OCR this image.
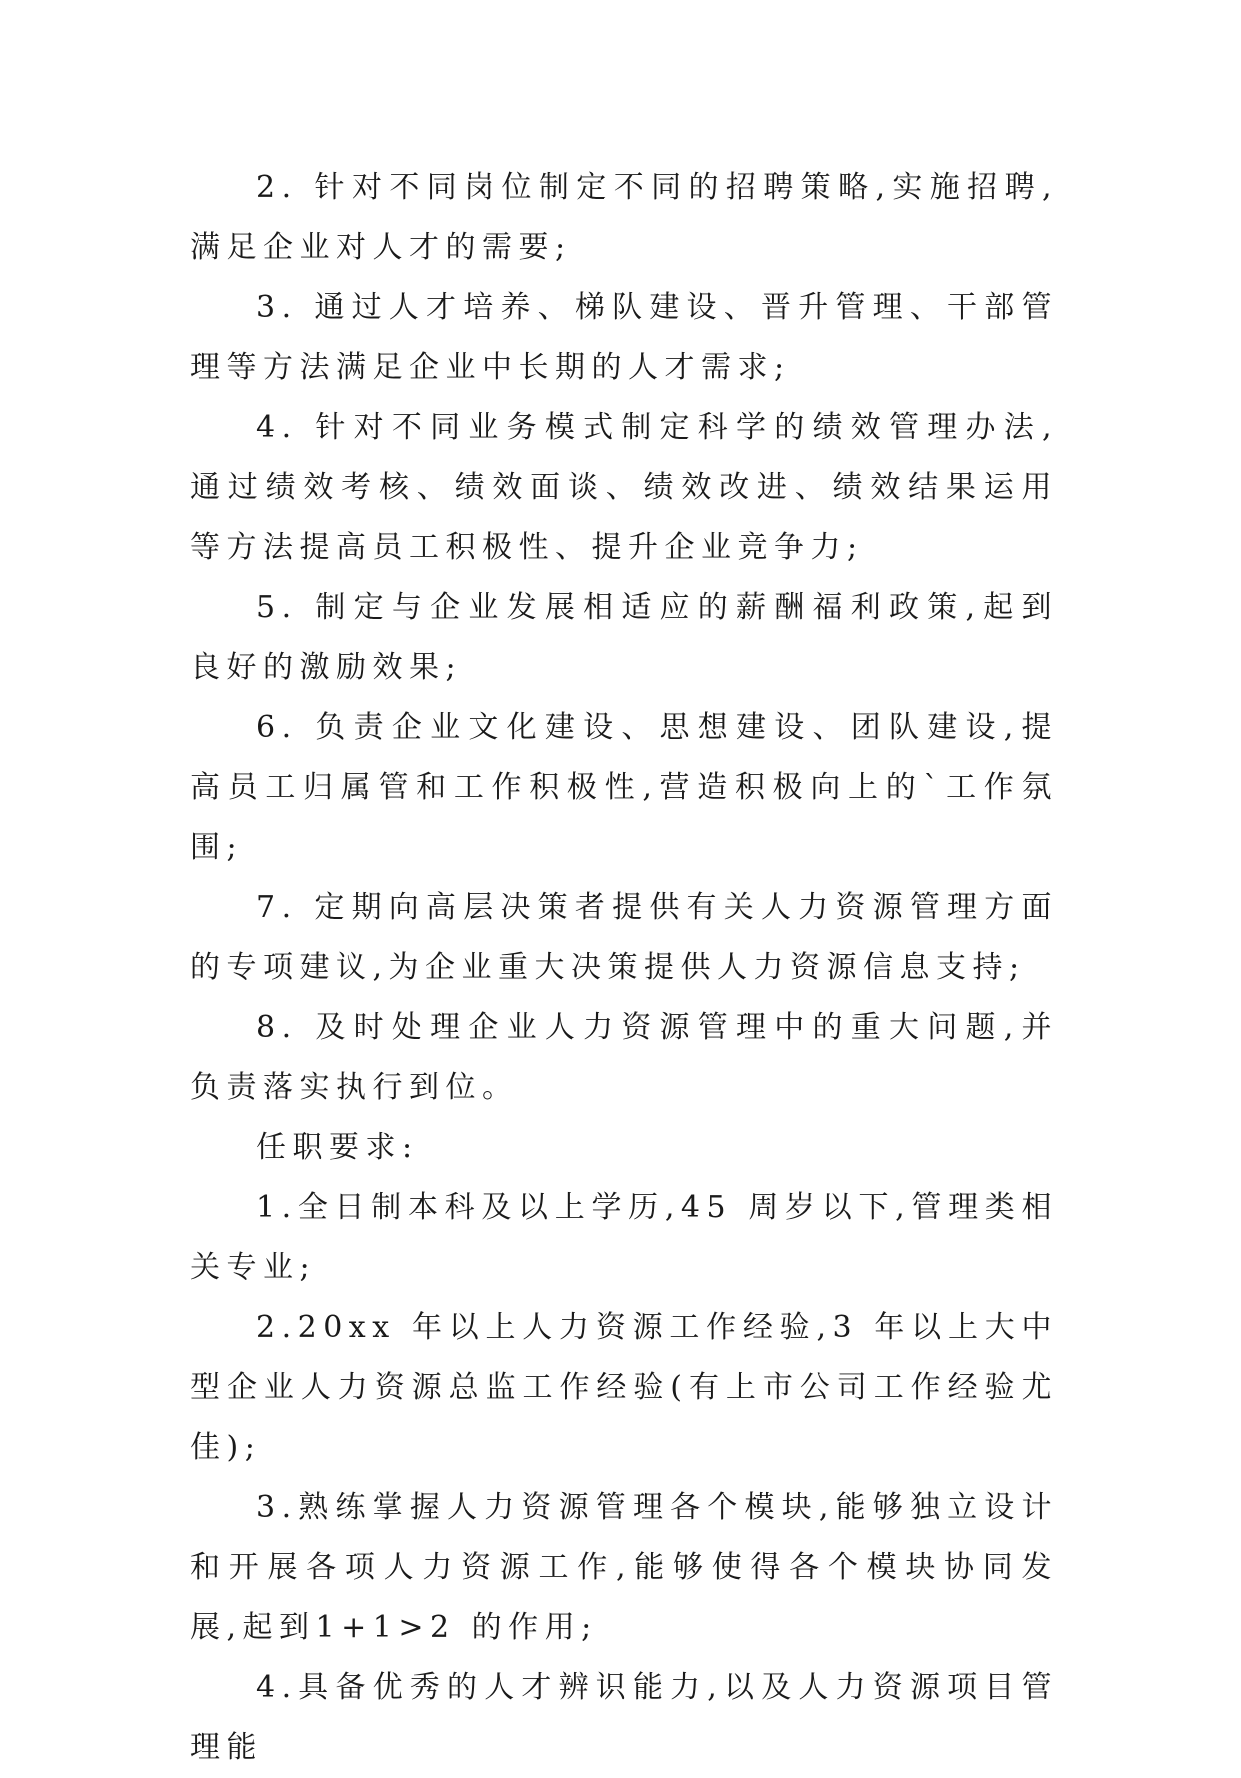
2. 针对不同岗位制定不同的招聘策略,实施招聘,满足企业对人才的需要;

3. 通过人才培养、梯队建设、晋升管理、干部管理等方法满足企业中长期的人才需求;

4. 针对不同业务模式制定科学的绩效管理办法,通过绩效考核、绩效面谈、绩效改进、绩效结果运用等方法提高员工积极性、提升企业竞争力;

5. 制定与企业发展相适应的薪酬福利政策,起到良好的激励效果;

6. 负责企业文化建设、思想建设、团队建设,提高员工归属管和工作积极性,营造积极向上的`工作氛围;

7. 定期向高层决策者提供有关人力资源管理方面的专项建议,为企业重大决策提供人力资源信息支持;

8. 及时处理企业人力资源管理中的重大问题,并负责落实执行到位。

任职要求:

1.全日制本科及以上学历,45 周岁以下,管理类相关专业;

2.20xx 年以上人力资源工作经验,3 年以上大中型企业人力资源总监工作经验(有上市公司工作经验尤佳);

3.熟练掌握人力资源管理各个模块,能够独立设计和开展各项人力资源工作,能够使得各个模块协同发展,起到1+1>2 的作用;

4.具备优秀的人才辨识能力,以及人力资源项目管理能
